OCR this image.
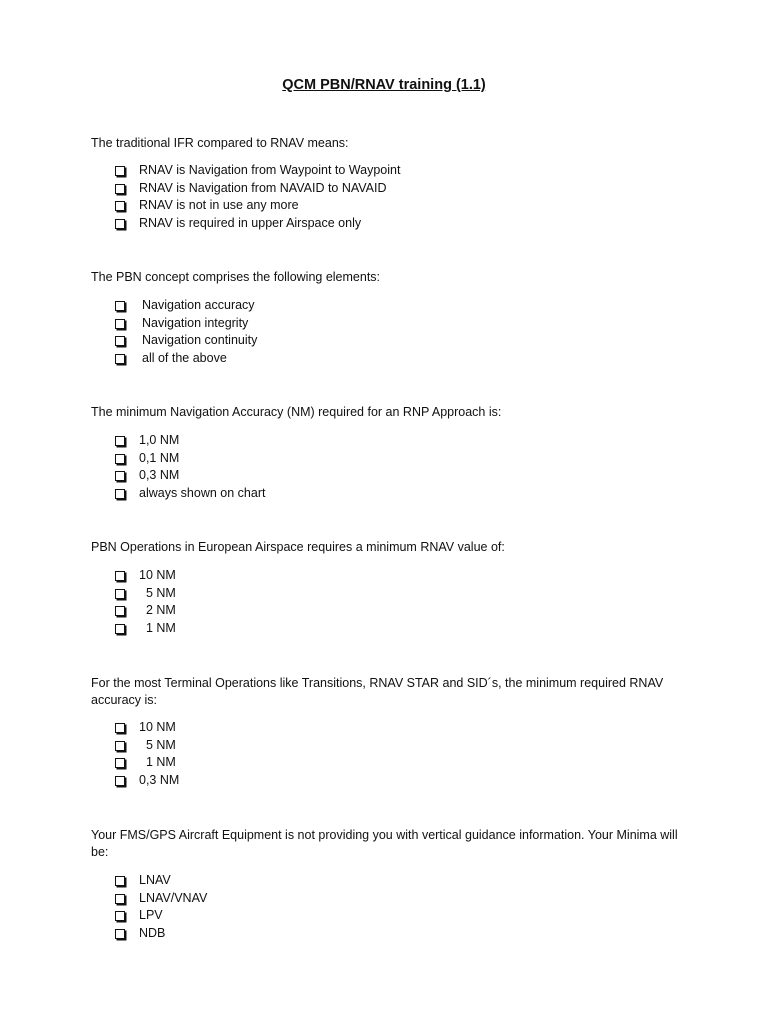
QCM PBN/RNAV training (1.1)
The traditional IFR compared to RNAV means:
RNAV is Navigation from Waypoint to Waypoint
RNAV is Navigation from NAVAID to NAVAID
RNAV is not in use any more
RNAV is required in upper Airspace only
The PBN concept comprises the following elements:
Navigation accuracy
Navigation integrity
Navigation continuity
all of the above
The minimum Navigation Accuracy (NM) required for an RNP Approach is:
1,0 NM
0,1 NM
0,3 NM
always shown on chart
PBN Operations in European Airspace requires a minimum RNAV value of:
10 NM
5 NM
2 NM
1 NM
For the most Terminal Operations like Transitions, RNAV STAR and SID´s, the minimum required RNAV accuracy is:
10 NM
5 NM
1 NM
0,3 NM
Your FMS/GPS Aircraft Equipment is not providing you with vertical guidance information. Your Minima will be:
LNAV
LNAV/VNAV
LPV
NDB
